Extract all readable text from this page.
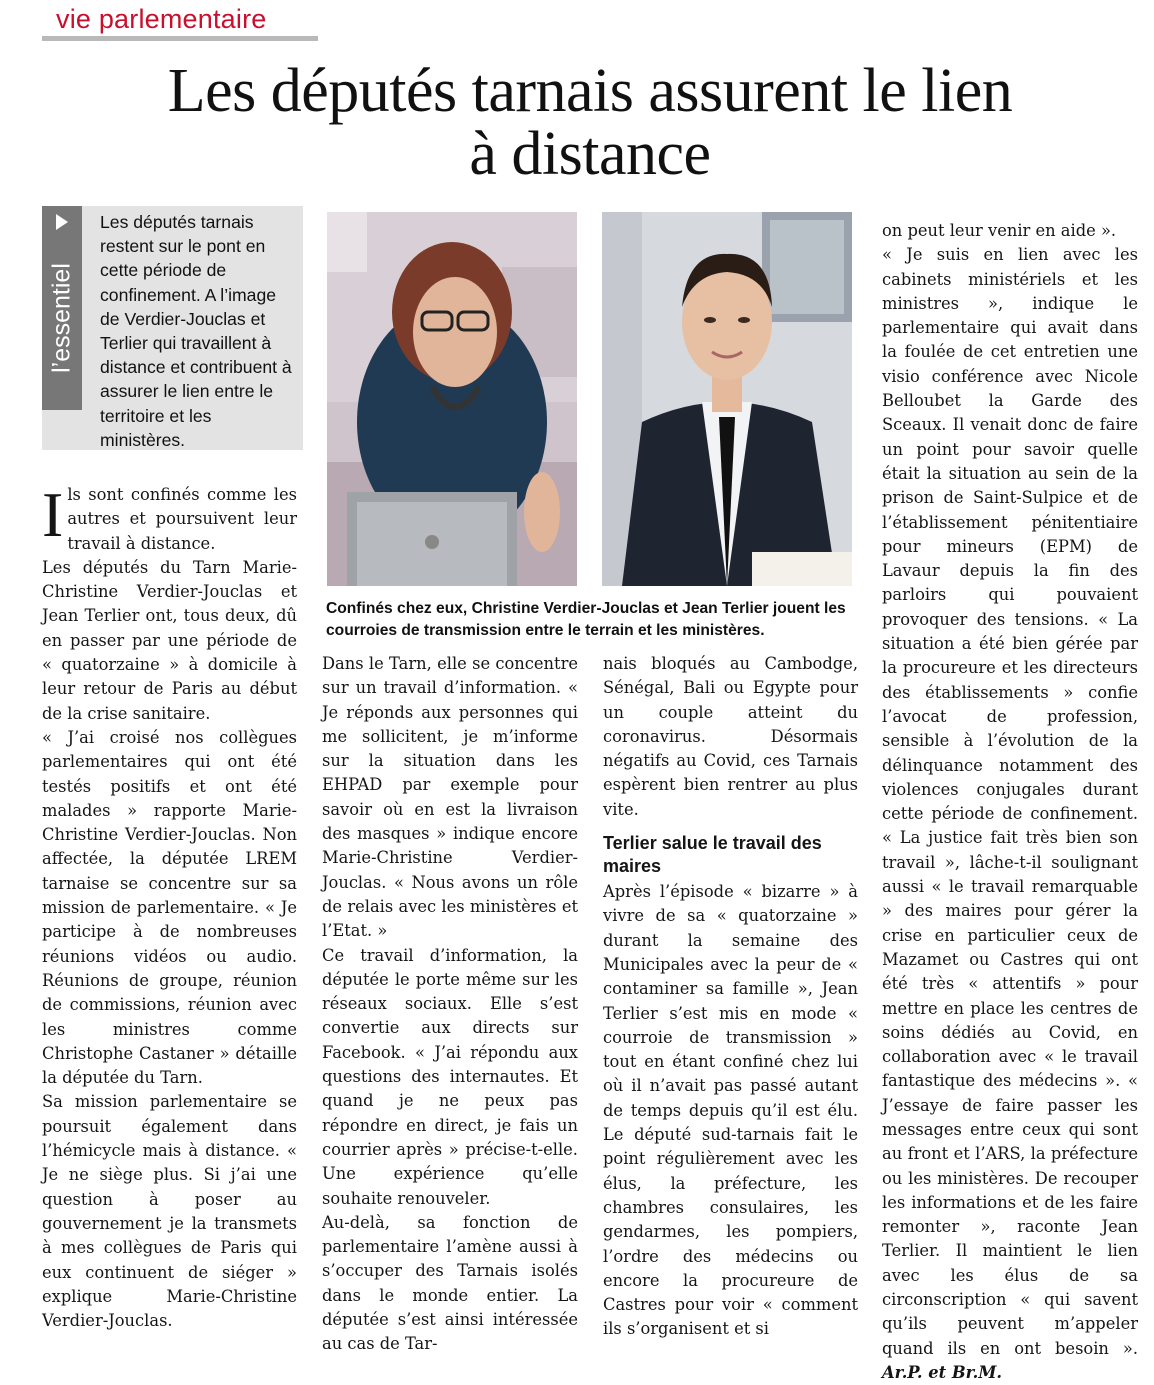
vie parlementaire
Les députés tarnais assurent le lien
à distance
l’essentiel
Les députés tarnais restent sur le pont en cette période de confinement. A l’image de Verdier-Jouclas et Terlier qui travaillent à distance et contribuent à assurer le lien entre le territoire et les ministères.
Confinés chez eux, Christine Verdier-Jouclas et Jean Terlier jouent les courroies de transmission entre le terrain et les ministères.

Ils sont confinés comme les autres et poursuivent leur travail à distance.

Les députés du Tarn Marie-Christine Verdier-Jouclas et Jean Terlier ont, tous deux, dû en passer par une période de « quatorzaine » à domicile à leur retour de Paris au début de la crise sanitaire.

« J’ai croisé nos collègues parlementaires qui ont été testés positifs et ont été malades » rapporte Marie-Christine Verdier-Jouclas. Non affectée, la députée LREM tarnaise se concentre sur sa mission de parlementaire. « Je participe à de nombreuses réunions vidéos ou audio. Réunions de groupe, réunion de commissions, réunion avec les ministres comme Christophe Castaner » détaille la députée du Tarn.

Sa mission parlementaire se poursuit également dans l’hémicycle mais à distance. « Je ne siège plus. Si j’ai une question à poser au gouvernement je la transmets à mes collègues de Paris qui eux continuent de siéger » explique Marie-Christine Verdier-Jouclas.

Dans le Tarn, elle se concentre sur un travail d’information. « Je réponds aux personnes qui me sollicitent, je m’informe sur la situation dans les EHPAD par exemple pour savoir où en est la livraison des masques » indique encore Marie-Christine Verdier-Jouclas. « Nous avons un rôle de relais avec les ministères et l’Etat. »

Ce travail d’information, la députée le porte même sur les réseaux sociaux. Elle s’est convertie aux directs sur Facebook. « J’ai répondu aux questions des internautes. Et quand je ne peux pas répondre en direct, je fais un courrier après » précise-t-elle. Une expérience qu’elle souhaite renouveler.

Au-delà, sa fonction de parlementaire l’amène aussi à s’occuper des Tarnais isolés dans le monde entier. La députée s’est ainsi intéressée au cas de Tar-

nais bloqués au Cambodge, Sénégal, Bali ou Egypte pour un couple atteint du coronavirus. Désormais négatifs au Covid, ces Tarnais espèrent bien rentrer au plus vite.

Terlier salue le travail des maires

Après l’épisode « bizarre » à vivre de sa « quatorzaine » durant la semaine des Municipales avec la peur de « contaminer sa famille », Jean Terlier s’est mis en mode « courroie de transmission » tout en étant confiné chez lui où il n’avait pas passé autant de temps depuis qu’il est élu. Le député sud-tarnais fait le point régulièrement avec les élus, la préfecture, les chambres consulaires, les gendarmes, les pompiers, l’ordre des médecins ou encore la procureure de Castres pour voir « comment ils s’organisent et si

on peut leur venir en aide ».

« Je suis en lien avec les cabinets ministériels et les ministres », indique le parlementaire qui avait dans la foulée de cet entretien une visio conférence avec Nicole Belloubet la Garde des Sceaux. Il venait donc de faire un point pour savoir quelle était la situation au sein de la prison de Saint-Sulpice et de l’établissement pénitentiaire pour mineurs (EPM) de Lavaur depuis la fin des parloirs qui pouvaient provoquer des tensions. « La situation a été bien gérée par la procureure et les directeurs des établissements » confie l’avocat de profession, sensible à l’évolution de la délinquance notamment des violences conjugales durant cette période de confinement. « La justice fait très bien son travail », lâche-t-il soulignant aussi « le travail remarquable » des maires pour gérer la crise en particulier ceux de Mazamet ou Castres qui ont été très « attentifs » pour mettre en place les centres de soins dédiés au Covid, en collaboration avec « le travail fantastique des médecins ». « J’essaye de faire passer les messages entre ceux qui sont au front et l’ARS, la préfecture ou les ministères. De recouper les informations et de les faire remonter », raconte Jean Terlier. Il maintient le lien avec les élus de sa circonscription « qui savent qu’ils peuvent m’appeler quand ils en ont besoin ». Ar.P. et Br.M.
